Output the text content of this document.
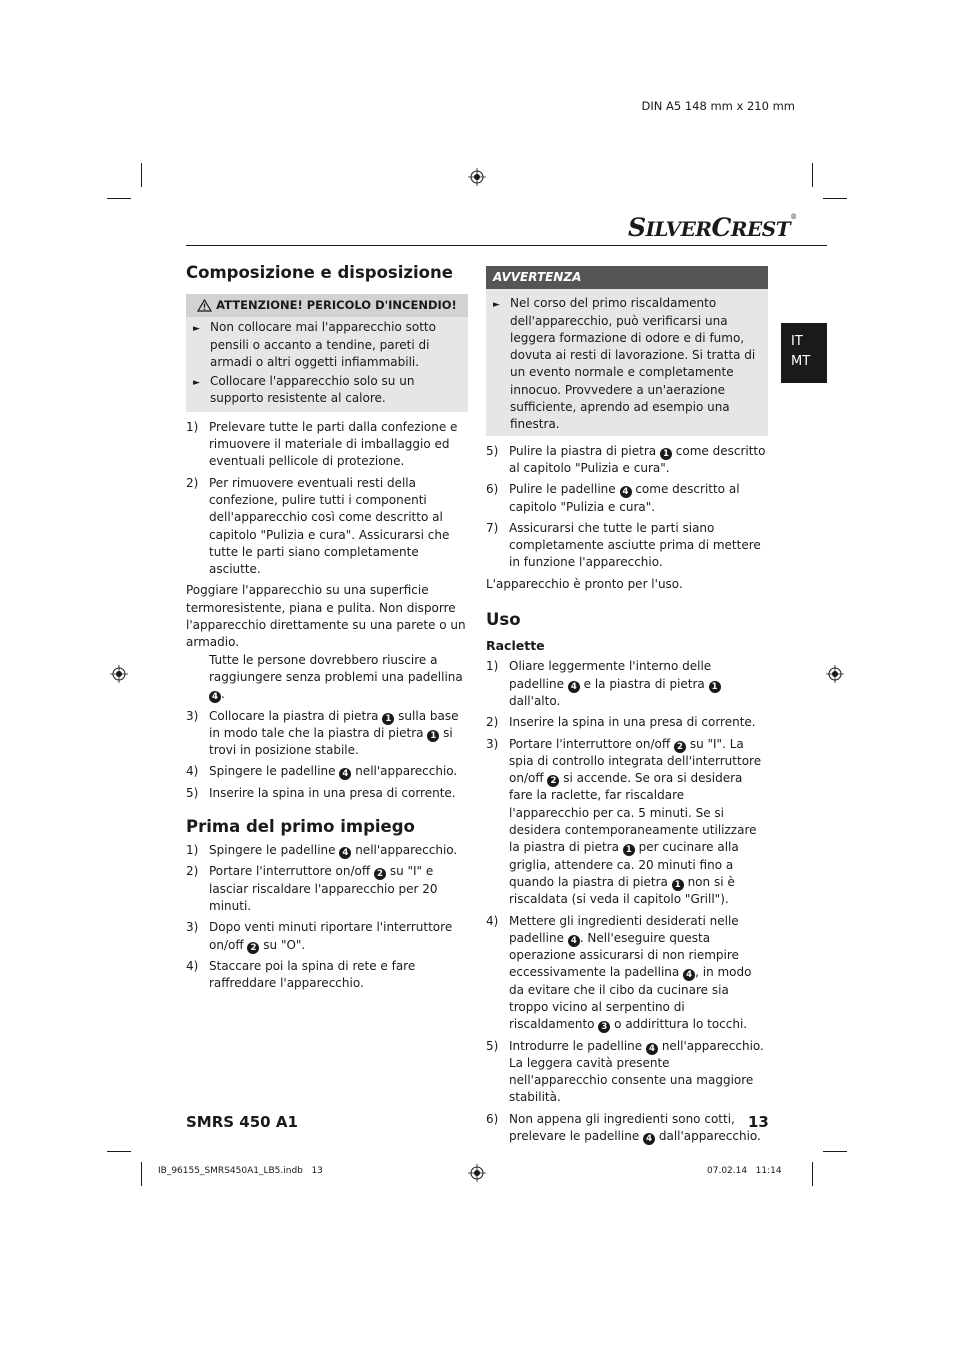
DIN A5 148 mm x 210 mm
SILVERCREST®
IT
MT
Composizione e disposizione
ATTENZIONE! PERICOLO D'INCENDIO!
► Non collocare mai l'apparecchio sotto pensili o accanto a tendine, pareti di armadi o altri oggetti infiammabili.
► Collocare l'apparecchio solo su un supporto resistente al calore.
1) Prelevare tutte le parti dalla confezione e rimuovere il materiale di imballaggio ed eventuali pellicole di protezione.
2) Per rimuovere eventuali resti della confezione, pulire tutti i componenti dell'apparecchio così come descritto al capitolo "Pulizia e cura". Assicurarsi che tutte le parti siano completamente asciutte.
Poggiare l'apparecchio su una superficie termoresistente, piana e pulita. Non disporre l'apparecchio direttamente su una parete o un armadio.
Tutte le persone dovrebbero riuscire a raggiungere senza problemi una padellina 4 .
3) Collocare la piastra di pietra 1 sulla base in modo tale che la piastra di pietra 1 si trovi in posizione stabile.
4) Spingere le padelline 4 nell'apparecchio.
5) Inserire la spina in una presa di corrente.
Prima del primo impiego
1) Spingere le padelline 4 nell'apparecchio.
2) Portare l'interruttore on/off 2 su "I" e lasciar riscaldare l'apparecchio per 20 minuti.
3) Dopo venti minuti riportare l'interruttore on/off 2 su "O".
4) Staccare poi la spina di rete e fare raffreddare l'apparecchio.
AVVERTENZA
► Nel corso del primo riscaldamento dell'apparecchio, può verificarsi una leggera formazione di odore e di fumo, dovuta ai resti di lavorazione. Si tratta di un evento normale e completamente innocuo. Provvedere a un'aerazione sufficiente, aprendo ad esempio una finestra.
5) Pulire la piastra di pietra 1 come descritto al capitolo "Pulizia e cura".
6) Pulire le padelline 4 come descritto al capitolo "Pulizia e cura".
7) Assicurarsi che tutte le parti siano completamente asciutte prima di mettere in funzione l'apparecchio.
L'apparecchio è pronto per l'uso.
Uso
Raclette
1) Oliare leggermente l'interno delle padelline 4 e la piastra di pietra 1 dall'alto.
2) Inserire la spina in una presa di corrente.
3) Portare l'interruttore on/off 2 su "I". La spia di controllo integrata dell'interruttore on/off 2 si accende. Se ora si desidera fare la raclette, far riscaldare l'apparecchio per ca. 5 minuti. Se si desidera contemporaneamente utilizzare la piastra di pietra 1 per cucinare alla griglia, attendere ca. 20 minuti fino a quando la piastra di pietra 1 non si è riscaldata (si veda il capitolo "Grill").
4) Mettere gli ingredienti desiderati nelle padelline 4 . Nell'eseguire questa operazione assicurarsi di non riempire eccessivamente la padellina 4 , in modo da evitare che il cibo da cucinare sia troppo vicino al serpentino di riscaldamento 3 o addirittura lo tocchi.
5) Introdurre le padelline 4 nell'apparecchio. La leggera cavità presente nell'apparecchio consente una maggiore stabilità.
6) Non appena gli ingredienti sono cotti, prelevare le padelline 4 dall'apparecchio.
SMRS 450 A1	13
IB_96155_SMRS450A1_LB5.indb   13	07.02.14   11:14
